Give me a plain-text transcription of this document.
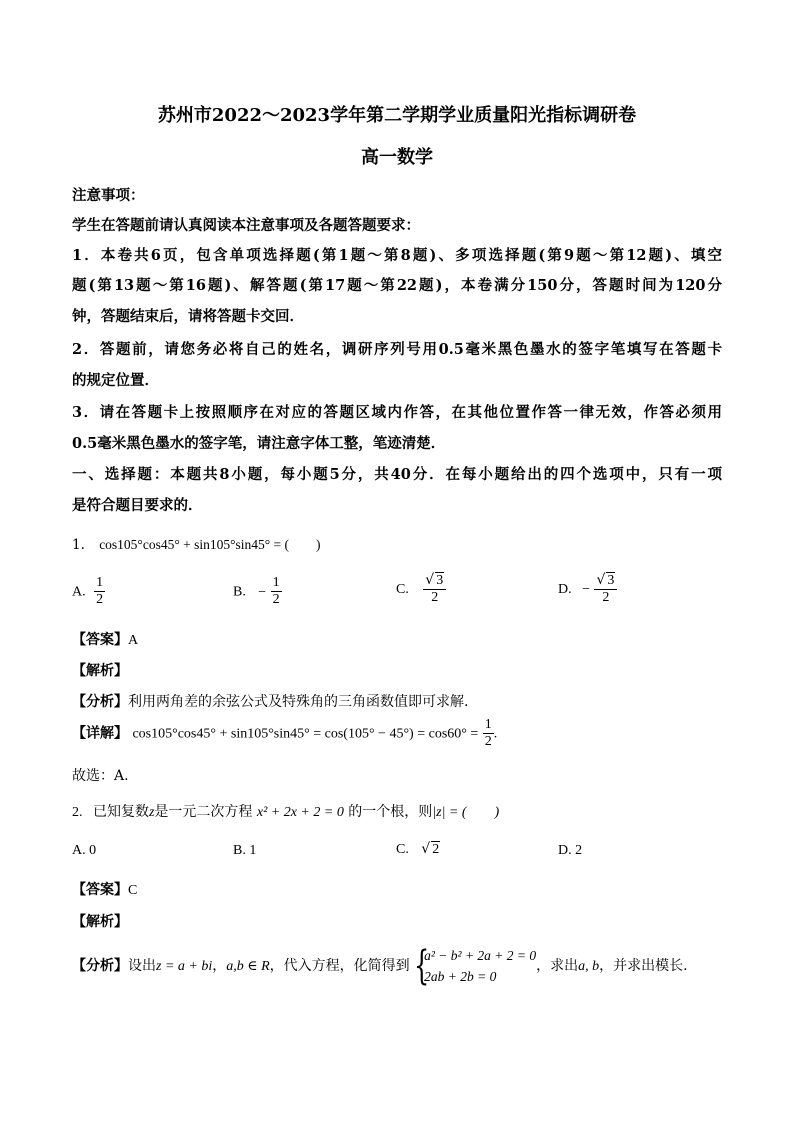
苏州市2022～2023学年第二学期学业质量阳光指标调研卷
高一数学
注意事项：
学生在答题前请认真阅读本注意事项及各题答题要求：
1．本卷共6页，包含单项选择题(第1题～第8题)、多项选择题(第9题～第12题)、填空
题(第13题～第16题)、解答题(第17题～第22题)，本卷满分150分，答题时间为120分
钟，答题结束后，请将答题卡交回．
2．答题前，请您务必将自己的姓名，调研序列号用0.5毫米黑色墨水的签字笔填写在答题卡
的规定位置．
3．请在答题卡上按照顺序在对应的答题区域内作答，在其他位置作答一律无效，作答必须用
0.5毫米黑色墨水的签字笔，请注意字体工整，笔迹清楚．
一、选择题：本题共8小题，每小题5分，共40分．在每小题给出的四个选项中，只有一项
是符合题目要求的．
1. cos105°cos45° + sin105°sin45° = (　　)
A. $\frac{1}{2}$	B. − $\frac{1}{2}$	C. $\frac{√ 3}{2}$	D. − $\frac{√ 3}{2}$
【答案】A
【解析】
【分析】利用两角差的余弦公式及特殊角的三角函数值即可求解.
【详解】 $\cos 105^\circ\cos 45^\circ + \sin 105^\circ\sin 45^\circ = \cos(105^\circ - 45^\circ) = \cos 60^\circ = \frac{1}{2}$ .
故选：A.
2. 已知复数z是一元二次方程 x² + 2x + 2 = 0 的一个根，则|z| = (　　)
A. 0	B. 1	C. √ 2	D. 2
【答案】C
【解析】
【分析】设出z = a + bi，a,b ∈ R，代入方程，化简得到 {
a² − b² + 2a + 2 = 0
2ab + 2b = 0
，求出a, b，并求出模长.
